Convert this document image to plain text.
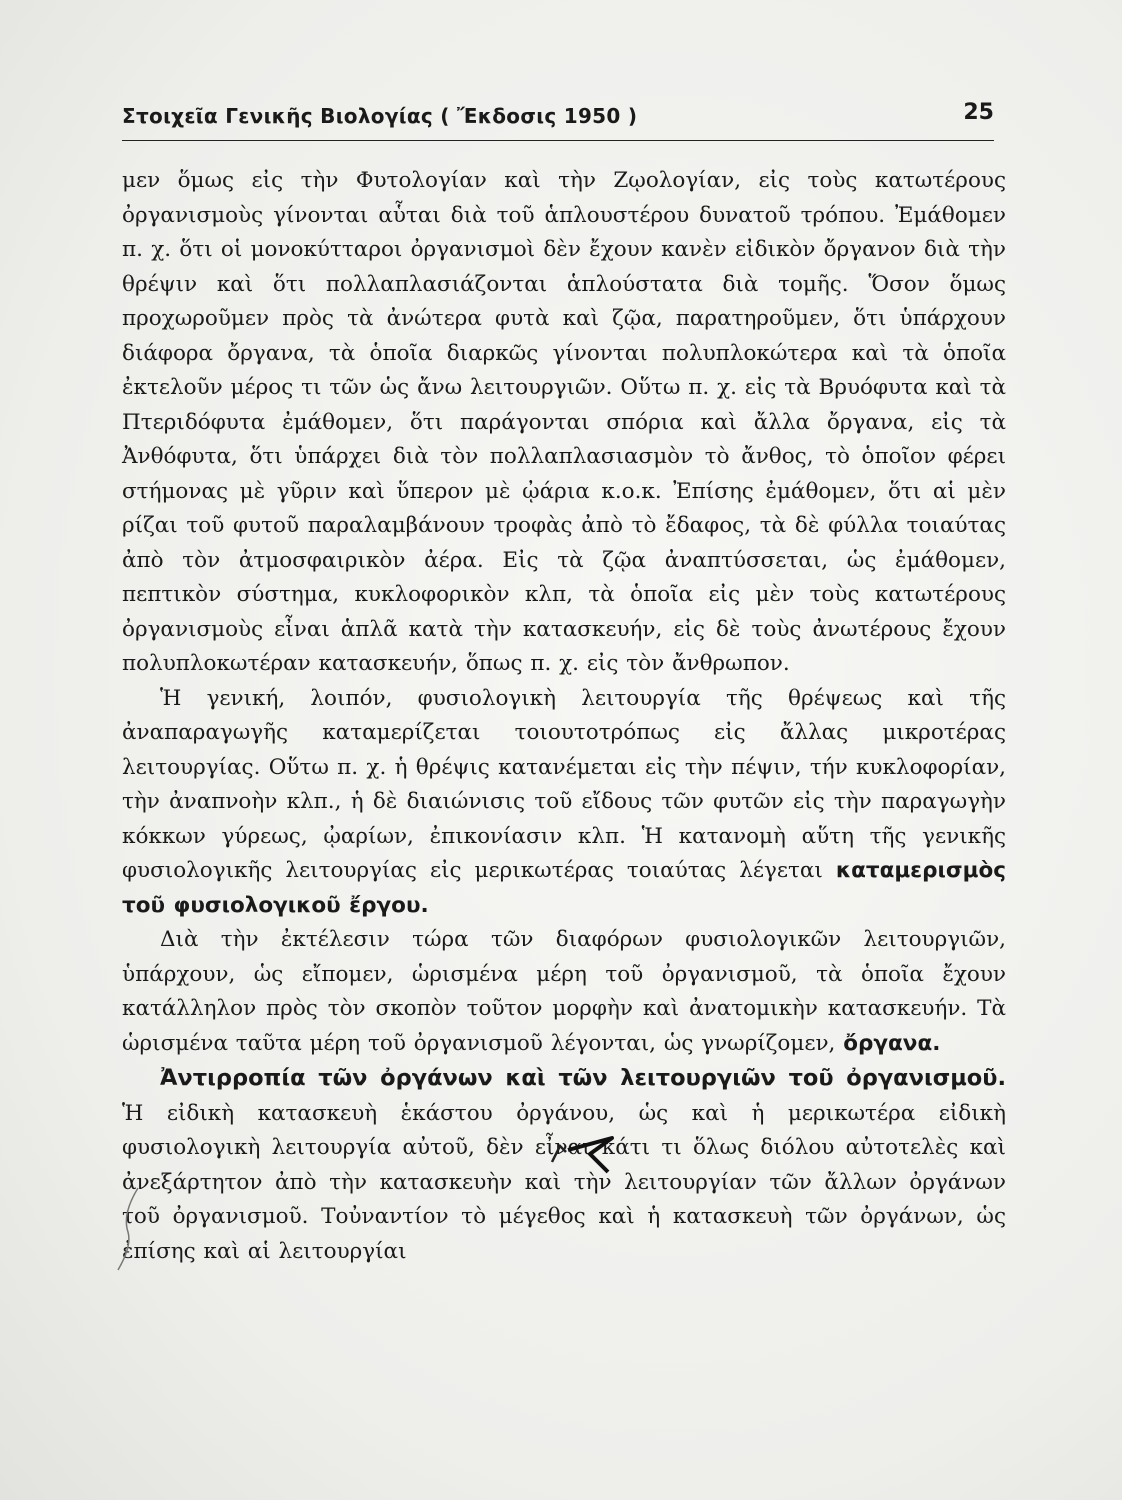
Στοιχεῖα Γενικῆς Βιολογίας ( Ἔκδοσις 1950 )	25

μεν ὅμως εἰς τὴν Φυτολογίαν καὶ τὴν Ζῳολογίαν, εἰς τοὺς κατωτέρους ὀργανισμοὺς γίνονται αὗται διὰ τοῦ ἁπλουστέρου δυνατοῦ τρόπου. Ἐμάθομεν π. χ. ὅτι οἱ μονοκύτταροι ὀργανισμοὶ δὲν ἔχουν κανὲν εἰδικὸν ὄργανον διὰ τὴν θρέψιν καὶ ὅτι πολλαπλασιάζονται ἁπλούστατα διὰ τομῆς. Ὅσον ὅμως προχωροῦμεν πρὸς τὰ ἀνώτερα φυτὰ καὶ ζῷα, παρατηροῦμεν, ὅτι ὑπάρχουν διάφορα ὄργανα, τὰ ὁποῖα διαρκῶς γίνονται πολυπλοκώτερα καὶ τὰ ὁποῖα ἐκτελοῦν μέρος τι τῶν ὡς ἄνω λειτουργιῶν. Οὕτω π. χ. εἰς τὰ Βρυόφυτα καὶ τὰ Πτεριδόφυτα ἐμάθομεν, ὅτι παράγονται σπόρια καὶ ἄλλα ὄργανα, εἰς τὰ Ἀνθόφυτα, ὅτι ὑπάρχει διὰ τὸν πολλαπλασιασμὸν τὸ ἄνθος, τὸ ὁποῖον φέρει στήμονας μὲ γῦριν καὶ ὕπερον μὲ ᾠάρια κ.ο.κ. Ἐπίσης ἐμάθομεν, ὅτι αἱ μὲν ρίζαι τοῦ φυτοῦ παραλαμβάνουν τροφὰς ἀπὸ τὸ ἔδαφος, τὰ δὲ φύλλα τοιαύτας ἀπὸ τὸν ἀτμοσφαιρικὸν ἀέρα. Εἰς τὰ ζῷα ἀναπτύσσεται, ὡς ἐμάθομεν, πεπτικὸν σύστημα, κυκλοφορικὸν κλπ, τὰ ὁποῖα εἰς μὲν τοὺς κατωτέρους ὀργανισμοὺς εἶναι ἁπλᾶ κατὰ τὴν κατασκευήν, εἰς δὲ τοὺς ἀνωτέρους ἔχουν πολυπλοκωτέραν κατασκευήν, ὅπως π. χ. εἰς τὸν ἄνθρωπον.

Ἡ γενική, λοιπόν, φυσιολογικὴ λειτουργία τῆς θρέψεως καὶ τῆς ἀναπαραγωγῆς καταμερίζεται τοιουτοτρόπως εἰς ἄλλας μικροτέρας λειτουργίας. Οὕτω π. χ. ἡ θρέψις κατανέμεται εἰς τὴν πέψιν, τήν κυκλοφορίαν, τὴν ἀναπνοὴν κλπ., ἡ δὲ διαιώνισις τοῦ εἴδους τῶν φυτῶν εἰς τὴν παραγωγὴν κόκκων γύρεως, ᾠαρίων, ἐπικονίασιν κλπ. Ἡ κατανομὴ αὕτη τῆς γενικῆς φυσιολογικῆς λειτουργίας εἰς μερικωτέρας τοιαύτας λέγεται καταμερισμὸς τοῦ φυσιολογικοῦ ἔργου.

Διὰ τὴν ἐκτέλεσιν τώρα τῶν διαφόρων φυσιολογικῶν λειτουργιῶν, ὑπάρχουν, ὡς εἴπομεν, ὡρισμένα μέρη τοῦ ὀργανισμοῦ, τὰ ὁποῖα ἔχουν κατάλληλον πρὸς τὸν σκοπὸν τοῦτον μορφὴν καὶ ἀνατομικὴν κατασκευήν. Τὰ ὡρισμένα ταῦτα μέρη τοῦ ὀργανισμοῦ λέγονται, ὡς γνωρίζομεν, ὄργανα.

Ἀντιρροπία τῶν ὀργάνων καὶ τῶν λειτουργιῶν τοῦ ὀργανισμοῦ. Ἡ εἰδικὴ κατασκευὴ ἑκάστου ὀργάνου, ὡς καὶ ἡ μερικωτέρα εἰδικὴ φυσιολογικὴ λειτουργία αὐτοῦ, δὲν εἶναι κάτι τι ὅλως διόλου αὐτοτελὲς καὶ ἀνεξάρτητον ἀπὸ τὴν κατασκευὴν καὶ τὴν λειτουργίαν τῶν ἄλλων ὀργάνων τοῦ ὀργανισμοῦ. Τοὐναντίον τὸ μέγεθος καὶ ἡ κατασκευὴ τῶν ὀργάνων, ὡς ἐπίσης καὶ αἱ λειτουργίαι
